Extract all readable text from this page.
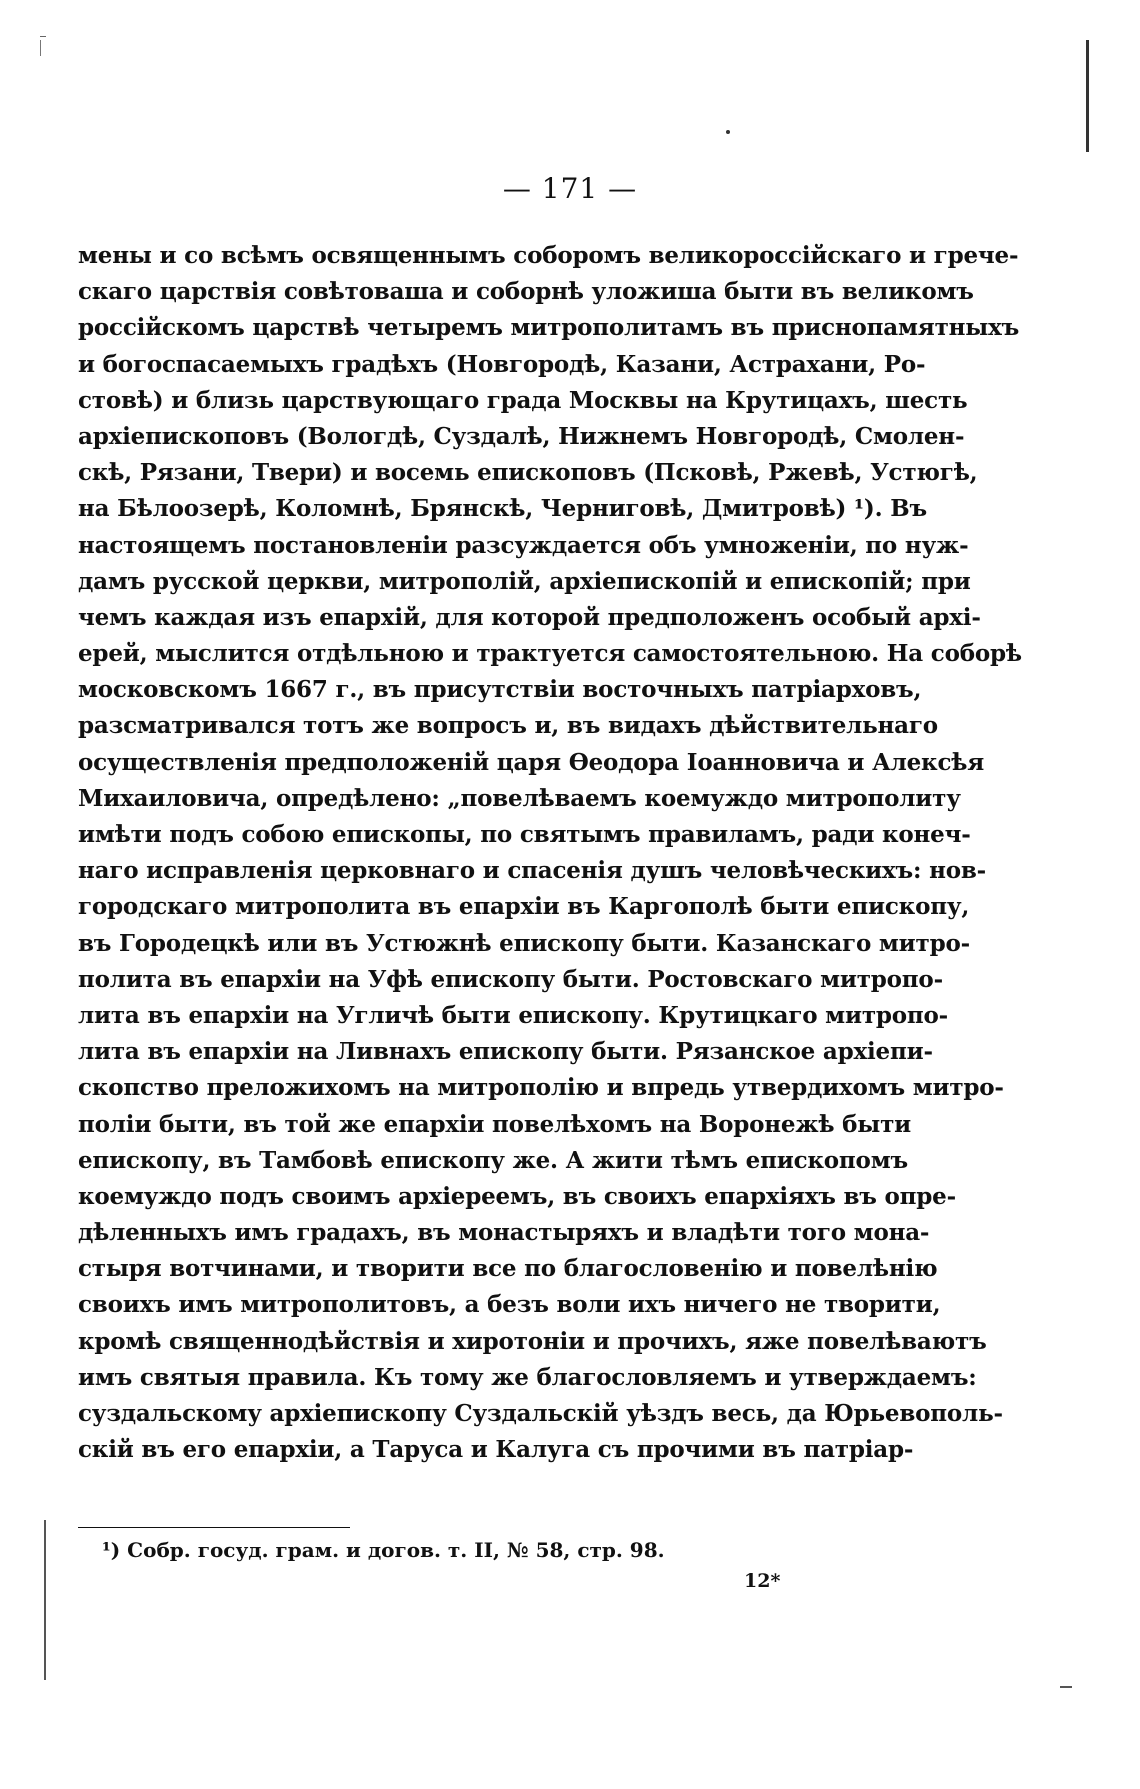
— 171 —
мены и со всѣмъ освященнымъ соборомъ великороссійскаго и грече-
скаго царствія совѣтоваша и соборнѣ уложиша быти въ великомъ
россійскомъ царствѣ четыремъ митрополитамъ въ приснопамятныхъ
и богоспасаемыхъ градѣхъ (Новгородѣ, Казани, Астрахани, Ро-
стовѣ) и близь царствующаго града Москвы на Крутицахъ, шесть
архіепископовъ (Вологдѣ, Суздалѣ, Нижнемъ Новгородѣ, Смолен-
скѣ, Рязани, Твери) и восемь епископовъ (Псковѣ, Ржевѣ, Устюгѣ,
на Бѣлоозерѣ, Коломнѣ, Брянскѣ, Черниговѣ, Дмитровѣ) ¹). Въ
настоящемъ постановленіи разсуждается объ умноженіи, по нуж-
дамъ русской церкви, митрополій, архіепископій и епископій; при
чемъ каждая изъ епархій, для которой предположенъ особый архі-
ерей, мыслится отдѣльною и трактуется самостоятельною. На соборѣ
московскомъ 1667 г., въ присутствіи восточныхъ патріарховъ,
разсматривался тотъ же вопросъ и, въ видахъ дѣйствительнаго
осуществленія предположеній царя Ѳеодора Іоанновича и Алексѣя
Михаиловича, опредѣлено: „повелѣваемъ коемуждо митрополиту
имѣти подъ собою епископы, по святымъ правиламъ, ради конеч-
наго исправленія церковнаго и спасенія душъ человѣческихъ: нов-
городскаго митрополита въ епархіи въ Каргополѣ быти епископу,
въ Городецкѣ или въ Устюжнѣ епископу быти. Казанскаго митро-
полита въ епархіи на Уфѣ епископу быти. Ростовскаго митропо-
лита въ епархіи на Угличѣ быти епископу. Крутицкаго митропо-
лита въ епархіи на Ливнахъ епископу быти. Рязанское архіепи-
скопство преложихомъ на митрополію и впредь утвердихомъ митро-
поліи быти, въ той же епархіи повелѣхомъ на Воронежѣ быти
епископу, въ Тамбовѣ епископу же. А жити тѣмъ епископомъ
коемуждо подъ своимъ архіереемъ, въ своихъ епархіяхъ въ опре-
дѣленныхъ имъ градахъ, въ монастыряхъ и владѣти того мона-
стыря вотчинами, и творити все по благословенію и повелѣнію
своихъ имъ митрополитовъ, а безъ воли ихъ ничего не творити,
кромѣ священнодѣйствія и хиротоніи и прочихъ, яже повелѣваютъ
имъ святыя правила. Къ тому же благословляемъ и утверждаемъ:
суздальскому архіепископу Суздальскій уѣздъ весь, да Юрьевополь-
скій въ его епархіи, а Таруса и Калуга съ прочими въ патріар-
¹) Собр. госуд. грам. и догов. т. II, № 58, стр. 98.
12*
